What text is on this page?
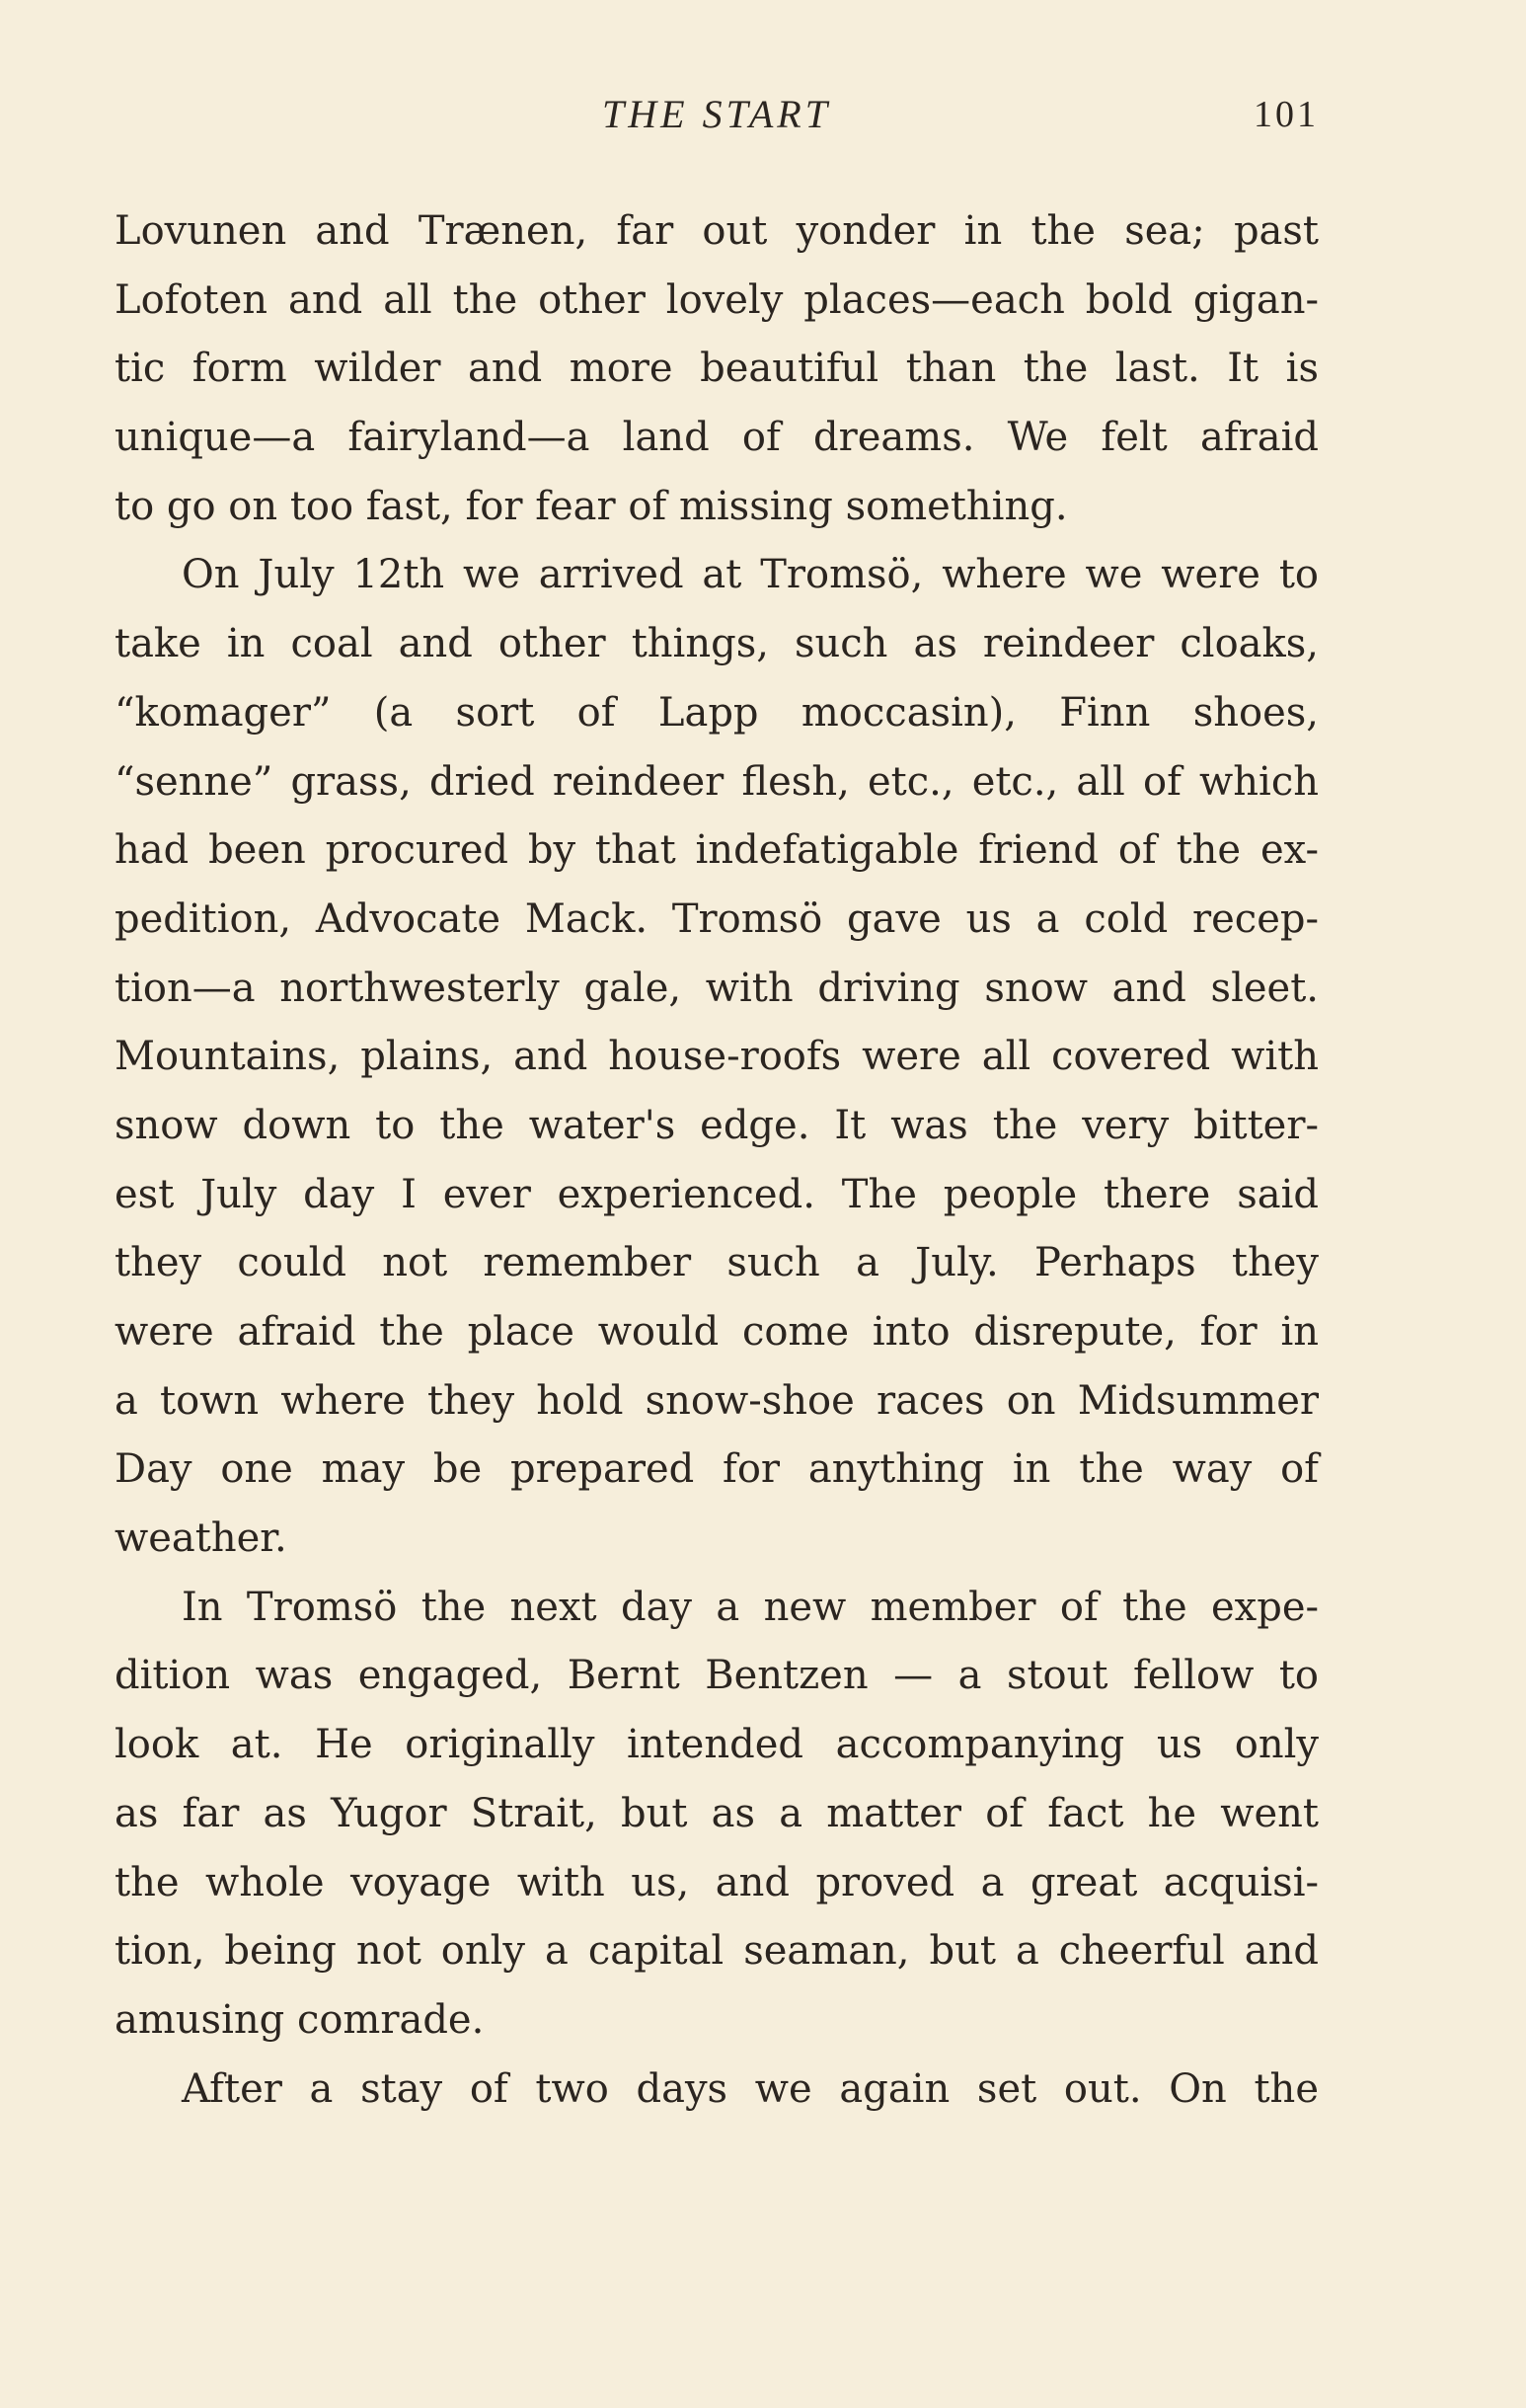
THE START	101
Lovunen and Trænen, far out yonder in the sea; past
Lofoten and all the other lovely places—each bold gigan-
tic form wilder and more beautiful than the last. It is
unique—a fairyland—a land of dreams. We felt afraid
to go on too fast, for fear of missing something.
On July 12th we arrived at Tromsö, where we were to
take in coal and other things, such as reindeer cloaks,
“komager” (a sort of Lapp moccasin), Finn shoes,
“senne” grass, dried reindeer flesh, etc., etc., all of which
had been procured by that indefatigable friend of the ex-
pedition, Advocate Mack. Tromsö gave us a cold recep-
tion—a northwesterly gale, with driving snow and sleet.
Mountains, plains, and house-roofs were all covered with
snow down to the water's edge. It was the very bitter-
est July day I ever experienced. The people there said
they could not remember such a July. Perhaps they
were afraid the place would come into disrepute, for in
a town where they hold snow-shoe races on Midsummer
Day one may be prepared for anything in the way of
weather.
In Tromsö the next day a new member of the expe-
dition was engaged, Bernt Bentzen — a stout fellow to
look at. He originally intended accompanying us only
as far as Yugor Strait, but as a matter of fact he went
the whole voyage with us, and proved a great acquisi-
tion, being not only a capital seaman, but a cheerful and
amusing comrade.
After a stay of two days we again set out. On the
